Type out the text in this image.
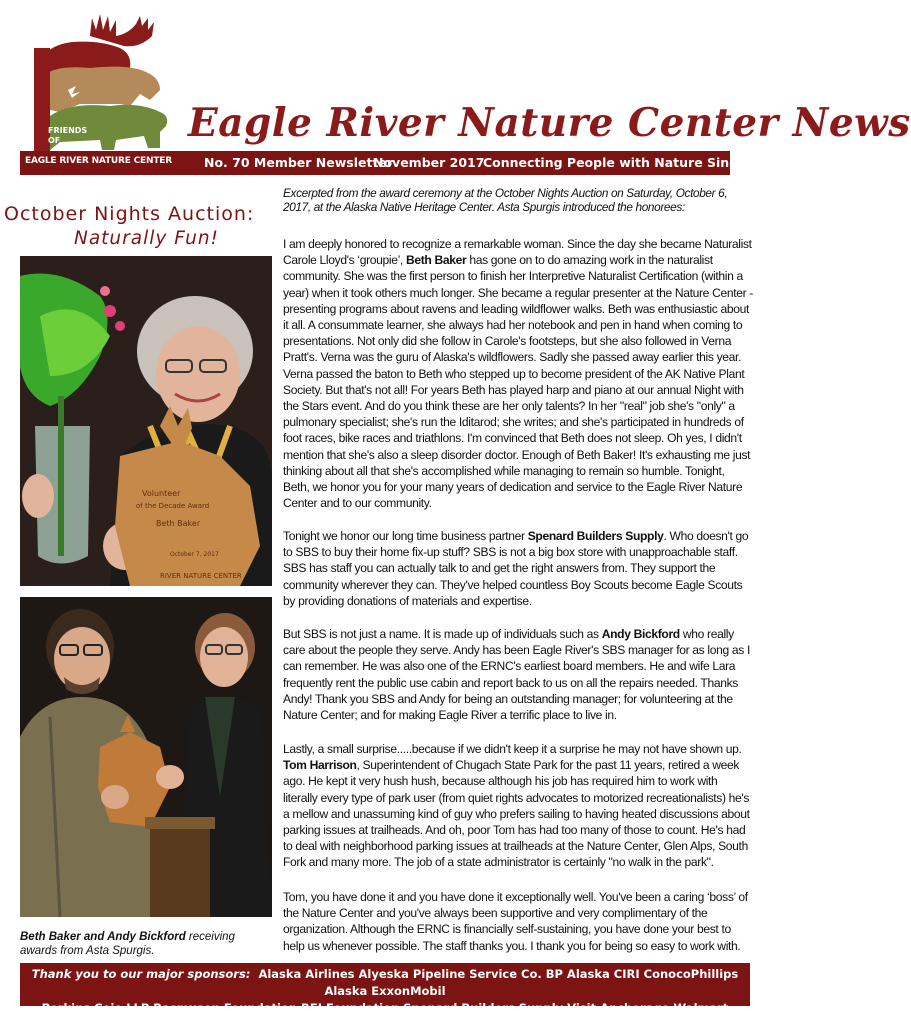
FRIENDS
OF
EAGLE RIVER NATURE CENTER
Eagle River Nature Center News
No. 70 Member Newsletter
November 2017
Connecting People with Nature Since 1996
October Nights Auction:
Naturally Fun!
Volunteer
of the Decade Award
Beth Baker
October 7, 2017
RIVER NATURE CENTER
Beth Baker and Andy Bickford receiving awards from Asta Spurgis.
Excerpted from the award ceremony at the October Nights Auction on Saturday, October 6, 2017, at the Alaska Native Heritage Center. Asta Spurgis introduced the honorees:
I am deeply honored to recognize a remarkable woman. Since the day she became Naturalist Carole Lloyd's ‘groupie’, Beth Baker has gone on to do amazing work in the naturalist community. She was the first person to finish her Interpretive Naturalist Certification (within a year) when it took others much longer. She became a regular presenter at the Nature Center - presenting programs about ravens and leading wildflower walks. Beth was enthusiastic about it all. A consummate learner, she always had her notebook and pen in hand when coming to presentations. Not only did she follow in Carole's footsteps, but she also followed in Verna Pratt's. Verna was the guru of Alaska's wildflowers. Sadly she passed away earlier this year. Verna passed the baton to Beth who stepped up to become president of the AK Native Plant Society. But that's not all! For years Beth has played harp and piano at our annual Night with the Stars event. And do you think these are her only talents? In her "real" job she's "only" a pulmonary specialist; she's run the Iditarod; she writes; and she's participated in hundreds of foot races, bike races and triathlons. I'm convinced that Beth does not sleep. Oh yes, I didn't mention that she's also a sleep disorder doctor. Enough of Beth Baker! It's exhausting me just thinking about all that she's accomplished while managing to remain so humble. Tonight, Beth, we honor you for your many years of dedication and service to the Eagle River Nature Center and to our community.
Tonight we honor our long time business partner Spenard Builders Supply. Who doesn't go to SBS to buy their home fix-up stuff? SBS is not a big box store with unapproachable staff. SBS has staff you can actually talk to and get the right answers from. They support the community wherever they can. They've helped countless Boy Scouts become Eagle Scouts by providing donations of materials and expertise.
But SBS is not just a name. It is made up of individuals such as Andy Bickford who really care about the people they serve. Andy has been Eagle River's SBS manager for as long as I can remember. He was also one of the ERNC's earliest board members. He and wife Lara frequently rent the public use cabin and report back to us on all the repairs needed. Thanks Andy! Thank you SBS and Andy for being an outstanding manager; for volunteering at the Nature Center; and for making Eagle River a terrific place to live in.
Lastly, a small surprise.....because if we didn't keep it a surprise he may not have shown up. Tom Harrison, Superintendent of Chugach State Park for the past 11 years, retired a week ago. He kept it very hush hush, because although his job has required him to work with literally every type of park user (from quiet rights advocates to motorized recreationalists) he's a mellow and unassuming kind of guy who prefers sailing to having heated discussions about parking issues at trailheads. And oh, poor Tom has had too many of those to count. He's had to deal with neighborhood parking issues at trailheads at the Nature Center, Glen Alps, South Fork and many more. The job of a state administrator is certainly "no walk in the park".
Tom, you have done it and you have done it exceptionally well. You've been a caring ‘boss’ of the Nature Center and you've always been supportive and very complimentary of the organization. Although the ERNC is financially self-sustaining, you have done your best to help us whenever possible. The staff thanks you. I thank you for being so easy to work with.
Thank you to our major sponsors: Alaska Airlines Alyeska Pipeline Service Co. BP Alaska CIRI ConocoPhillips Alaska ExxonMobil
Perkins Coie LLP Rasmuson Foundation REI Foundation Spenard Builders Supply Visit Anchorage Walmart Foundation
